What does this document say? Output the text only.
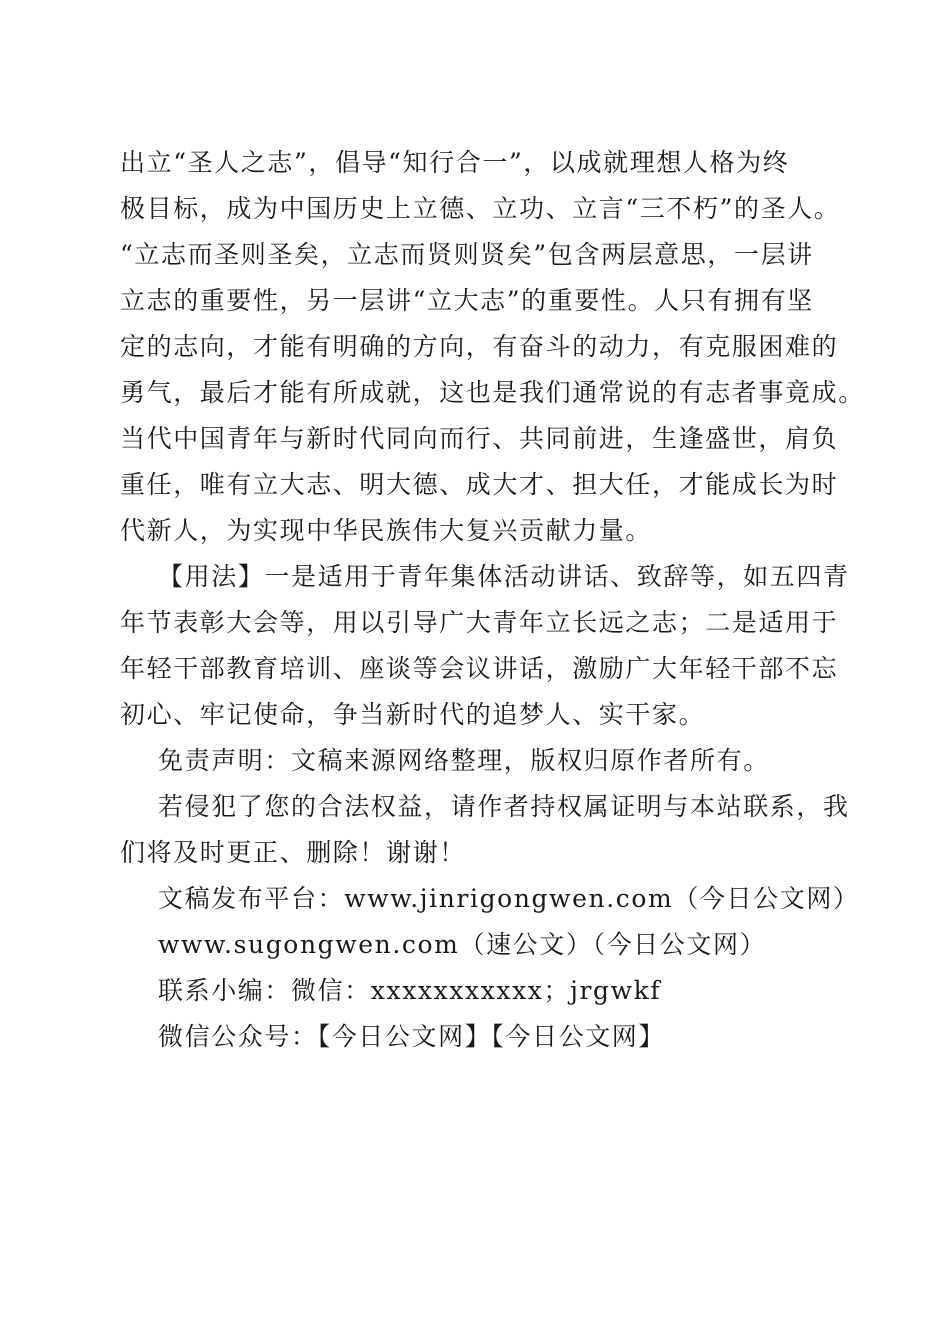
出立“圣人之志”，倡导“知行合一”，以成就理想人格为终
极目标，成为中国历史上立德、立功、立言“三不朽”的圣人。
“立志而圣则圣矣，立志而贤则贤矣”包含两层意思，一层讲
立志的重要性，另一层讲“立大志”的重要性。人只有拥有坚
定的志向，才能有明确的方向，有奋斗的动力，有克服困难的
勇气，最后才能有所成就，这也是我们通常说的有志者事竟成。
当代中国青年与新时代同向而行、共同前进，生逢盛世，肩负
重任，唯有立大志、明大德、成大才、担大任，才能成长为时
代新人，为实现中华民族伟大复兴贡献力量。
【用法】一是适用于青年集体活动讲话、致辞等，如五四青
年节表彰大会等，用以引导广大青年立长远之志；二是适用于
年轻干部教育培训、座谈等会议讲话，激励广大年轻干部不忘
初心、牢记使命，争当新时代的追梦人、实干家。
免责声明：文稿来源网络整理，版权归原作者所有。
若侵犯了您的合法权益，请作者持权属证明与本站联系，我
们将及时更正、删除！谢谢！
文稿发布平台：www.jinrigongwen.com（今日公文网）
www.sugongwen.com（速公文）（今日公文网）
联系小编：微信：xxxxxxxxxxx；jrgwkf
微信公众号：【今日公文网】【今日公文网】
